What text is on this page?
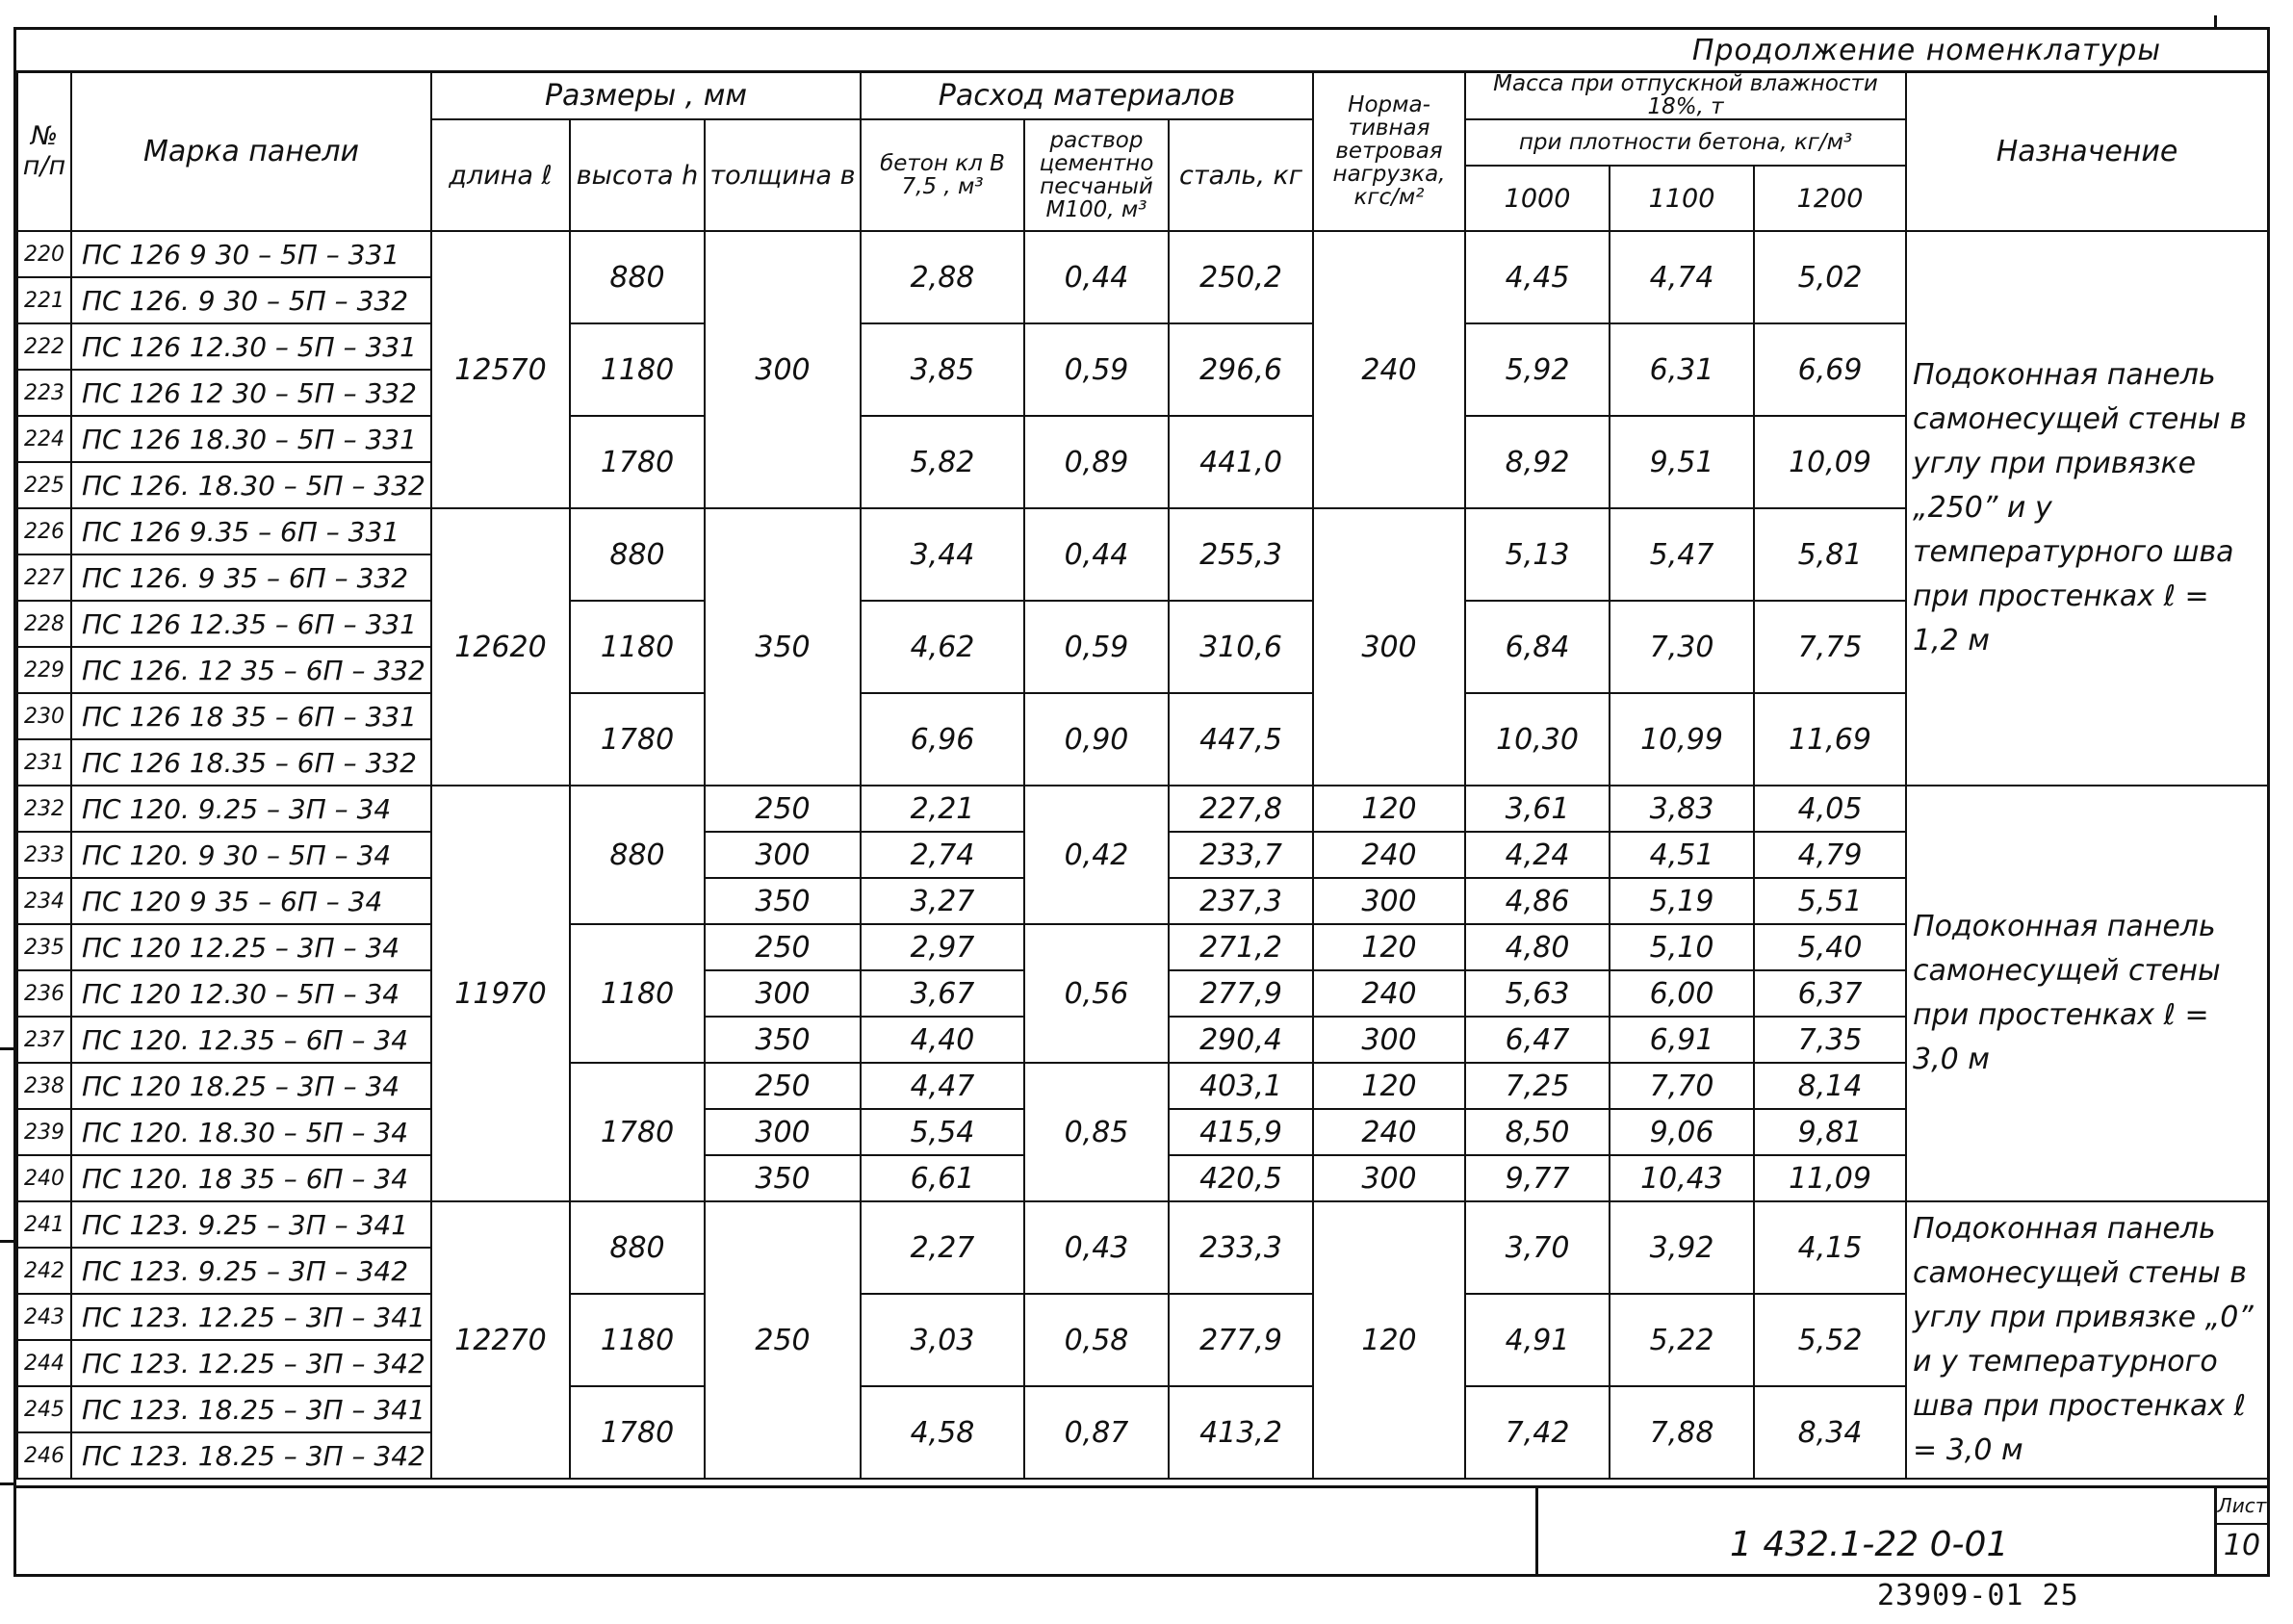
Продолжение номенклатуры
№ п/п	Марка панели	Размеры , мм			Расход материалов			Норма-тивная ветровая нагрузка, кгс/м²	Масса при отпускной влажности 18%, т			Назначение
		длина ℓ	высота h	толщина в	бетон кл В 7,5 , м³	раствор цементно песчаный М100, м³	сталь, кг		при плотности бетона, кг/м³			
									1000	1100	1200	
220	ПС 126 9 30 – 5П – 331	12570	880	300	2,88	0,44	250,2	240	4,45	4,74	5,02	Подоконная панель самонесущей стены в углу при привязке „250” и у температурного шва при простенках ℓ = 1,2 м
221	ПС 126. 9 30 – 5П – 332											
222	ПС 126 12.30 – 5П – 331		1180		3,85	0,59	296,6		5,92	6,31	6,69	
223	ПС 126 12 30 – 5П – 332											
224	ПС 126 18.30 – 5П – 331		1780		5,82	0,89	441,0		8,92	9,51	10,09	
225	ПС 126. 18.30 – 5П – 332											
226	ПС 126 9.35 – 6П – 331	12620	880	350	3,44	0,44	255,3	300	5,13	5,47	5,81	
227	ПС 126. 9 35 – 6П – 332											
228	ПС 126 12.35 – 6П – 331		1180		4,62	0,59	310,6		6,84	7,30	7,75	
229	ПС 126. 12 35 – 6П – 332											
230	ПС 126 18 35 – 6П – 331		1780		6,96	0,90	447,5		10,30	10,99	11,69	
231	ПС 126 18.35 – 6П – 332											
232	ПС 120. 9.25 – 3П – 34	11970	880	250	2,21	0,42	227,8	120	3,61	3,83	4,05	Подоконная панель самонесущей стены при простенках ℓ = 3,0 м
233	ПС 120. 9 30 – 5П – 34			300	2,74		233,7	240	4,24	4,51	4,79	
234	ПС 120 9 35 – 6П – 34			350	3,27		237,3	300	4,86	5,19	5,51	
235	ПС 120 12.25 – 3П – 34		1180	250	2,97	0,56	271,2	120	4,80	5,10	5,40	
236	ПС 120 12.30 – 5П – 34			300	3,67		277,9	240	5,63	6,00	6,37	
237	ПС 120. 12.35 – 6П – 34			350	4,40		290,4	300	6,47	6,91	7,35	
238	ПС 120 18.25 – 3П – 34		1780	250	4,47	0,85	403,1	120	7,25	7,70	8,14	
239	ПС 120. 18.30 – 5П – 34			300	5,54		415,9	240	8,50	9,06	9,81	
240	ПС 120. 18 35 – 6П – 34			350	6,61		420,5	300	9,77	10,43	11,09	
241	ПС 123. 9.25 – 3П – 341	12270	880	250	2,27	0,43	233,3	120	3,70	3,92	4,15	Подоконная панель самонесущей стены в углу при привязке „0” и у температурного шва при простенках ℓ = 3,0 м
242	ПС 123. 9.25 – 3П – 342											
243	ПС 123. 12.25 – 3П – 341		1180		3,03	0,58	277,9		4,91	5,22	5,52	
244	ПС 123. 12.25 – 3П – 342											
245	ПС 123. 18.25 – 3П – 341		1780		4,58	0,87	413,2		7,42	7,88	8,34	
246	ПС 123. 18.25 – 3П – 342											
1 432.1-22 0-01
Лист
10
23909-01 25
